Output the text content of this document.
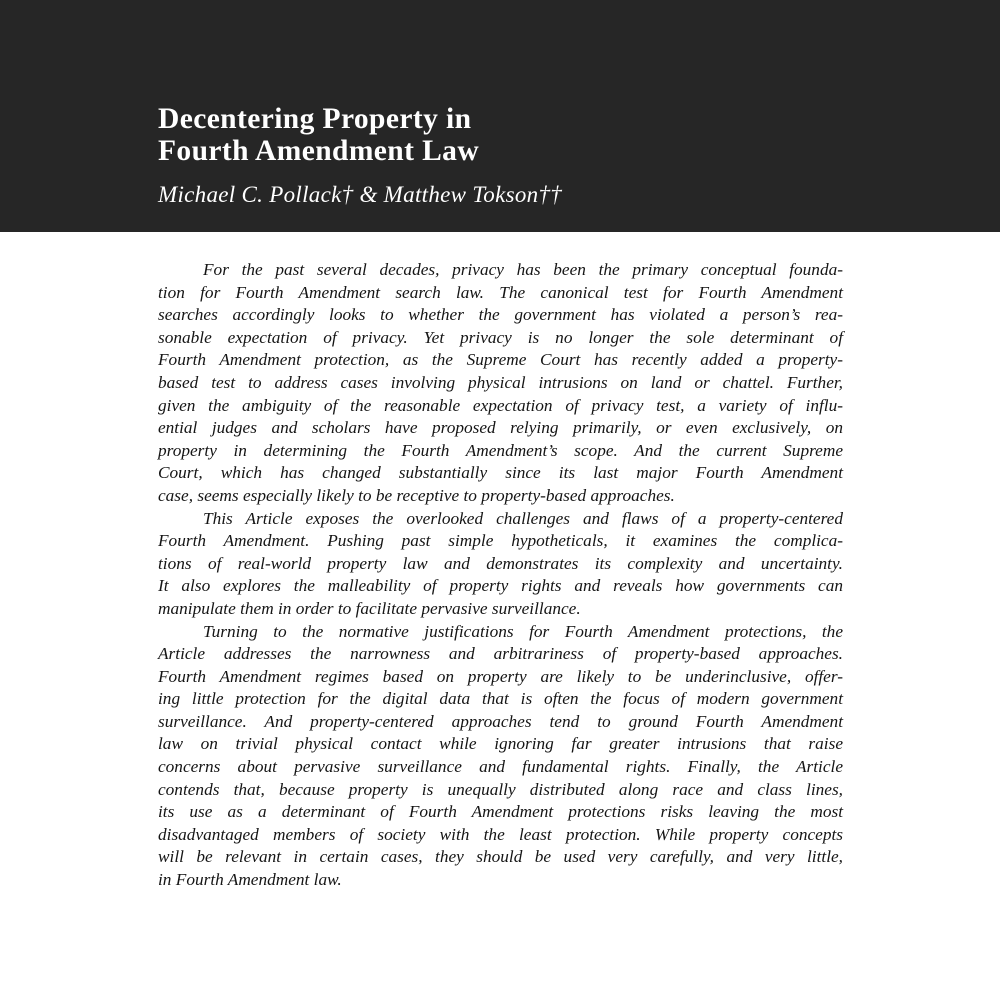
Decentering Property in
Fourth Amendment Law
Michael C. Pollack† & Matthew Tokson††

For the past several decades, privacy has been the primary conceptual founda-
tion for Fourth Amendment search law. The canonical test for Fourth Amendment
searches accordingly looks to whether the government has violated a person’s rea-
sonable expectation of privacy. Yet privacy is no longer the sole determinant of
Fourth Amendment protection, as the Supreme Court has recently added a property-
based test to address cases involving physical intrusions on land or chattel. Further,
given the ambiguity of the reasonable expectation of privacy test, a variety of influ-
ential judges and scholars have proposed relying primarily, or even exclusively, on
property in determining the Fourth Amendment’s scope. And the current Supreme
Court, which has changed substantially since its last major Fourth Amendment
case, seems especially likely to be receptive to property-based approaches.

This Article exposes the overlooked challenges and flaws of a property-centered
Fourth Amendment. Pushing past simple hypotheticals, it examines the complica-
tions of real-world property law and demonstrates its complexity and uncertainty.
It also explores the malleability of property rights and reveals how governments can
manipulate them in order to facilitate pervasive surveillance.

Turning to the normative justifications for Fourth Amendment protections, the
Article addresses the narrowness and arbitrariness of property-based approaches.
Fourth Amendment regimes based on property are likely to be underinclusive, offer-
ing little protection for the digital data that is often the focus of modern government
surveillance. And property-centered approaches tend to ground Fourth Amendment
law on trivial physical contact while ignoring far greater intrusions that raise
concerns about pervasive surveillance and fundamental rights. Finally, the Article
contends that, because property is unequally distributed along race and class lines,
its use as a determinant of Fourth Amendment protections risks leaving the most
disadvantaged members of society with the least protection. While property concepts
will be relevant in certain cases, they should be used very carefully, and very little,
in Fourth Amendment law.
